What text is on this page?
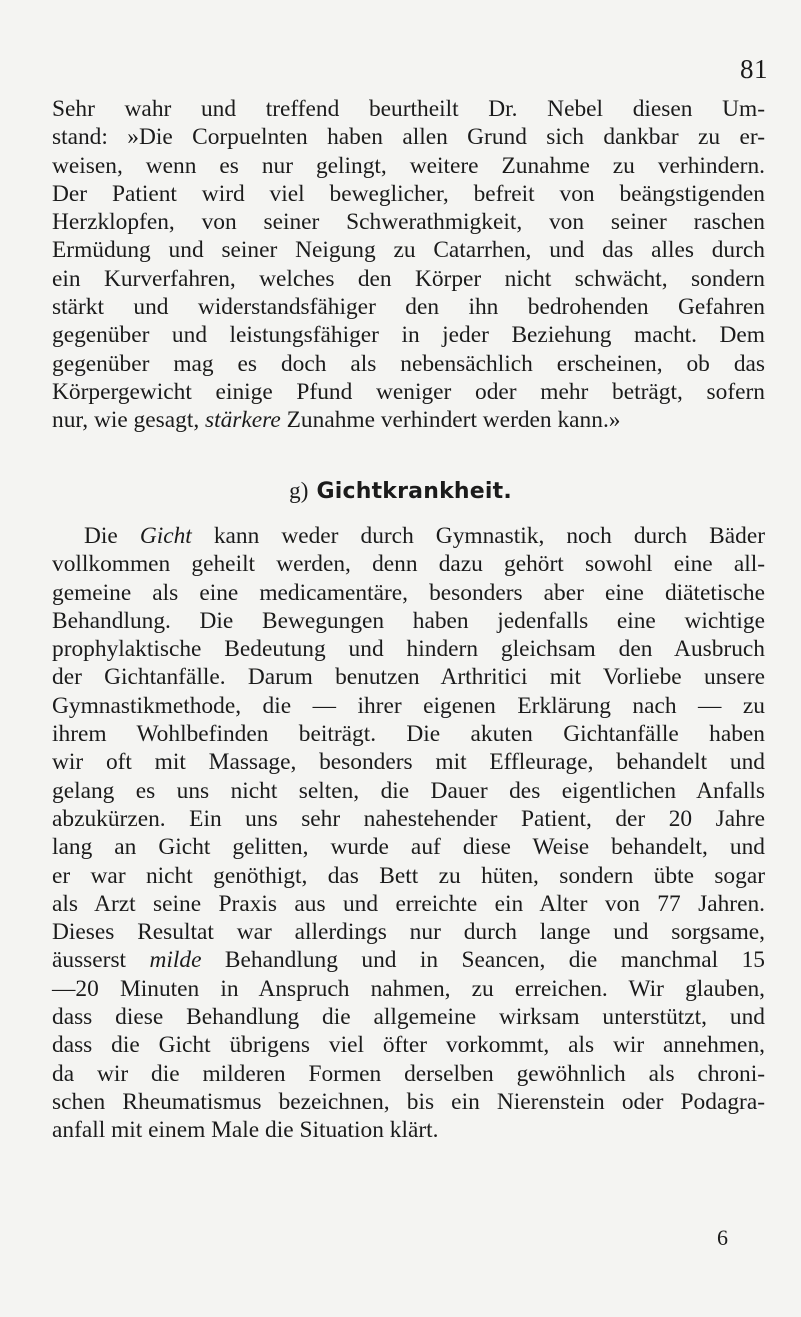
81
Sehr wahr und treffend beurtheilt Dr. Nebel diesen Um-
stand: »Die Corpuelnten haben allen Grund sich dankbar zu er-
weisen, wenn es nur gelingt, weitere Zunahme zu verhindern.
Der Patient wird viel beweglicher, befreit von beängstigenden
Herzklopfen, von seiner Schwerathmigkeit, von seiner raschen
Ermüdung und seiner Neigung zu Catarrhen, und das alles durch
ein Kurverfahren, welches den Körper nicht schwächt, sondern
stärkt und widerstandsfähiger den ihn bedrohenden Gefahren
gegenüber und leistungsfähiger in jeder Beziehung macht. Dem
gegenüber mag es doch als nebensächlich erscheinen, ob das
Körpergewicht einige Pfund weniger oder mehr beträgt, sofern
nur, wie gesagt, stärkere Zunahme verhindert werden kann.»
g) Gichtkrankheit.
Die Gicht kann weder durch Gymnastik, noch durch Bäder
vollkommen geheilt werden, denn dazu gehört sowohl eine all-
gemeine als eine medicamentäre, besonders aber eine diätetische
Behandlung. Die Bewegungen haben jedenfalls eine wichtige
prophylaktische Bedeutung und hindern gleichsam den Ausbruch
der Gichtanfälle. Darum benutzen Arthritici mit Vorliebe unsere
Gymnastikmethode, die — ihrer eigenen Erklärung nach — zu
ihrem Wohlbefinden beiträgt. Die akuten Gichtanfälle haben
wir oft mit Massage, besonders mit Effleurage, behandelt und
gelang es uns nicht selten, die Dauer des eigentlichen Anfalls
abzukürzen. Ein uns sehr nahestehender Patient, der 20 Jahre
lang an Gicht gelitten, wurde auf diese Weise behandelt, und
er war nicht genöthigt, das Bett zu hüten, sondern übte sogar
als Arzt seine Praxis aus und erreichte ein Alter von 77 Jahren.
Dieses Resultat war allerdings nur durch lange und sorgsame,
äusserst milde Behandlung und in Seancen, die manchmal 15
—20 Minuten in Anspruch nahmen, zu erreichen. Wir glauben,
dass diese Behandlung die allgemeine wirksam unterstützt, und
dass die Gicht übrigens viel öfter vorkommt, als wir annehmen,
da wir die milderen Formen derselben gewöhnlich als chroni-
schen Rheumatismus bezeichnen, bis ein Nierenstein oder Podagra-
anfall mit einem Male die Situation klärt.
6
